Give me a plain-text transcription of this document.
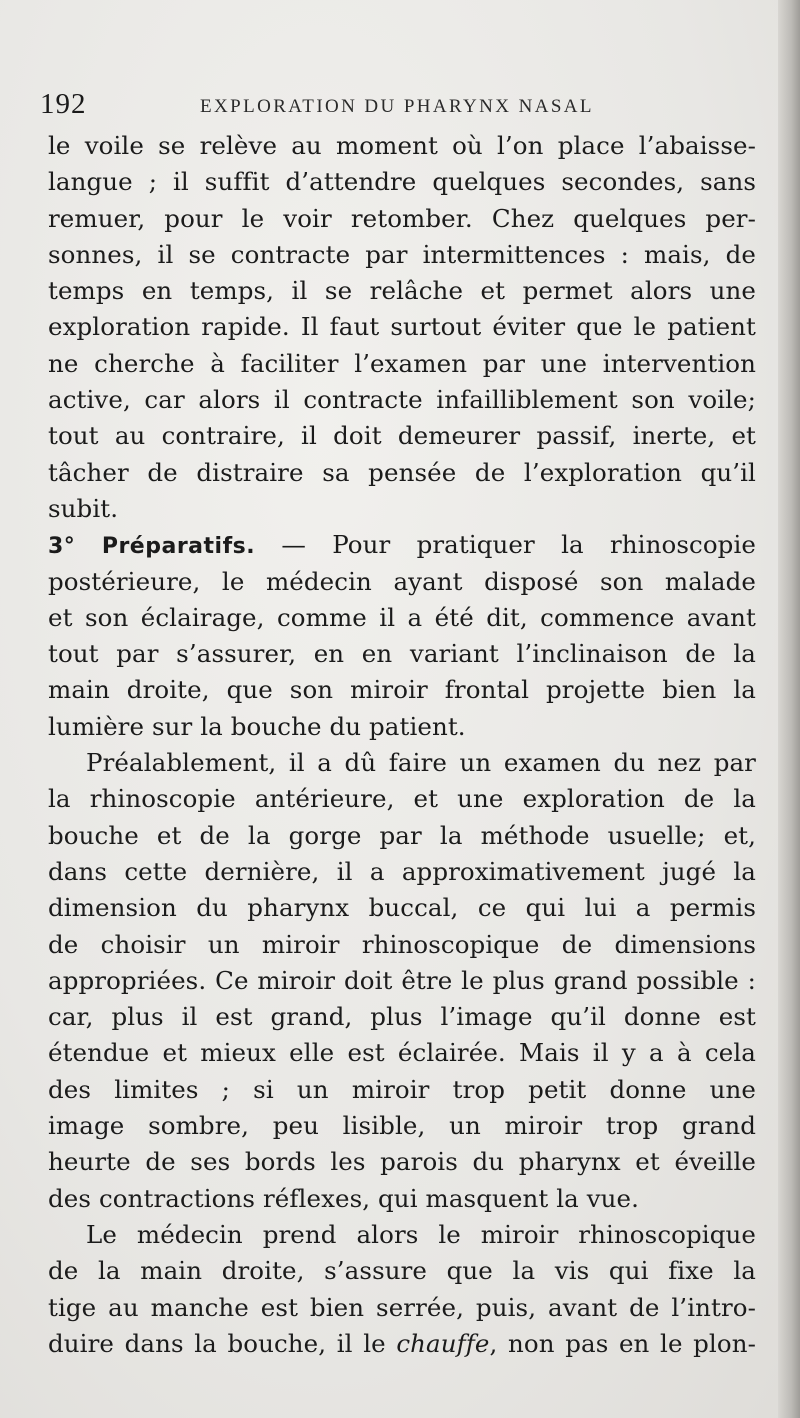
192	EXPLORATION DU PHARYNX NASAL
le voile se relève au moment où l’on place l’abaisse-
langue ; il suffit d’attendre quelques secondes, sans
remuer, pour le voir retomber. Chez quelques per-
sonnes, il se contracte par intermittences : mais, de
temps en temps, il se relâche et permet alors une
exploration rapide. Il faut surtout éviter que le patient
ne cherche à faciliter l’examen par une intervention
active, car alors il contracte infailliblement son voile;
tout au contraire, il doit demeurer passif, inerte, et
tâcher de distraire sa pensée de l’exploration qu’il
subit.
3° Préparatifs. — Pour pratiquer la rhinoscopie
postérieure, le médecin ayant disposé son malade
et son éclairage, comme il a été dit, commence avant
tout par s’assurer, en en variant l’inclinaison de la
main droite, que son miroir frontal projette bien la
lumière sur la bouche du patient.
Préalablement, il a dû faire un examen du nez par
la rhinoscopie antérieure, et une exploration de la
bouche et de la gorge par la méthode usuelle; et,
dans cette dernière, il a approximativement jugé la
dimension du pharynx buccal, ce qui lui a permis
de choisir un miroir rhinoscopique de dimensions
appropriées. Ce miroir doit être le plus grand possible :
car, plus il est grand, plus l’image qu’il donne est
étendue et mieux elle est éclairée. Mais il y a à cela
des limites ; si un miroir trop petit donne une
image sombre, peu lisible, un miroir trop grand
heurte de ses bords les parois du pharynx et éveille
des contractions réflexes, qui masquent la vue.
Le médecin prend alors le miroir rhinoscopique
de la main droite, s’assure que la vis qui fixe la
tige au manche est bien serrée, puis, avant de l’intro-
duire dans la bouche, il le chauffe, non pas en le plon-
